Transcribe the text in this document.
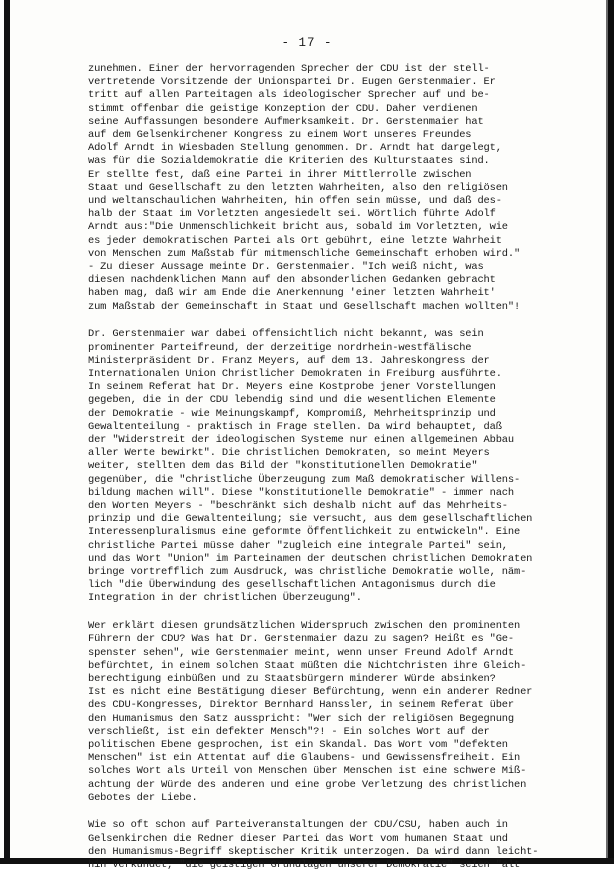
- 17 -
zunehmen. Einer der hervorragenden Sprecher der CDU ist der stell-
vertretende Vorsitzende der Unionspartei Dr. Eugen Gerstenmaier. Er
tritt auf allen Parteitagen als ideologischer Sprecher auf und be-
stimmt offenbar die geistige Konzeption der CDU. Daher verdienen
seine Auffassungen besondere Aufmerksamkeit. Dr. Gerstenmaier hat
auf dem Gelsenkirchener Kongress zu einem Wort unseres Freundes
Adolf Arndt in Wiesbaden Stellung genommen. Dr. Arndt hat dargelegt,
was für die Sozialdemokratie die Kriterien des Kulturstaates sind.
Er stellte fest, daß eine Partei in ihrer Mittlerrolle zwischen
Staat und Gesellschaft zu den letzten Wahrheiten, also den religiösen
und weltanschaulichen Wahrheiten, hin offen sein müsse, und daß des-
halb der Staat im Vorletzten angesiedelt sei. Wörtlich führte Adolf
Arndt aus:"Die Unmenschlichkeit bricht aus, sobald im Vorletzten, wie
es jeder demokratischen Partei als Ort gebührt, eine letzte Wahrheit
von Menschen zum Maßstab für mitmenschliche Gemeinschaft erhoben wird."
- Zu dieser Aussage meinte Dr. Gerstenmaier. "Ich weiß nicht, was
diesen nachdenklichen Mann auf den absonderlichen Gedanken gebracht
haben mag, daß wir am Ende die Anerkennung 'einer letzten Wahrheit'
zum Maßstab der Gemeinschaft in Staat und Gesellschaft machen wollten"!
Dr. Gerstenmaier war dabei offensichtlich nicht bekannt, was sein
prominenter Parteifreund, der derzeitige nordrhein-westfälische
Ministerpräsident Dr. Franz Meyers, auf dem 13. Jahreskongress der
Internationalen Union Christlicher Demokraten in Freiburg ausführte.
In seinem Referat hat Dr. Meyers eine Kostprobe jener Vorstellungen
gegeben, die in der CDU lebendig sind und die wesentlichen Elemente
der Demokratie - wie Meinungskampf, Kompromiß, Mehrheitsprinzip und
Gewaltenteilung - praktisch in Frage stellen. Da wird behauptet, daß
der "Widerstreit der ideologischen Systeme nur einen allgemeinen Abbau
aller Werte bewirkt". Die christlichen Demokraten, so meint Meyers
weiter, stellten dem das Bild der "konstitutionellen Demokratie"
gegenüber, die "christliche Überzeugung zum Maß demokratischer Willens-
bildung machen will". Diese "konstitutionelle Demokratie" - immer nach
den Worten Meyers - "beschränkt sich deshalb nicht auf das Mehrheits-
prinzip und die Gewaltenteilung; sie versucht, aus dem gesellschaftlichen
Interessenpluralismus eine geformte Öffentlichkeit zu entwickeln". Eine
christliche Partei müsse daher "zugleich eine integrale Partei" sein,
und das Wort "Union" im Parteinamen der deutschen christlichen Demokraten
bringe vortrefflich zum Ausdruck, was christliche Demokratie wolle, näm-
lich "die Überwindung des gesellschaftlichen Antagonismus durch die
Integration in der christlichen Überzeugung".
Wer erklärt diesen grundsätzlichen Widerspruch zwischen den prominenten
Führern der CDU? Was hat Dr. Gerstenmaier dazu zu sagen? Heißt es "Ge-
spenster sehen", wie Gerstenmaier meint, wenn unser Freund Adolf Arndt
befürchtet, in einem solchen Staat müßten die Nichtchristen ihre Gleich-
berechtigung einbüßen und zu Staatsbürgern minderer Würde absinken?
Ist es nicht eine Bestätigung dieser Befürchtung, wenn ein anderer Redner
des CDU-Kongresses, Direktor Bernhard Hanssler, in seinem Referat über
den Humanismus den Satz ausspricht: "Wer sich der religiösen Begegnung
verschließt, ist ein defekter Mensch"?! - Ein solches Wort auf der
politischen Ebene gesprochen, ist ein Skandal. Das Wort vom "defekten
Menschen" ist ein Attentat auf die Glaubens- und Gewissensfreiheit. Ein
solches Wort als Urteil von Menschen über Menschen ist eine schwere Miß-
achtung der Würde des anderen und eine grobe Verletzung des christlichen
Gebotes der Liebe.
Wie so oft schon auf Parteiveranstaltungen der CDU/CSU, haben auch in
Gelsenkirchen die Redner dieser Partei das Wort vom humanen Staat und
den Humanismus-Begriff skeptischer Kritik unterzogen. Da wird dann leicht-
hin verkündet, "die geistigen Grundlagen unserer Demokratie" seien "alt
